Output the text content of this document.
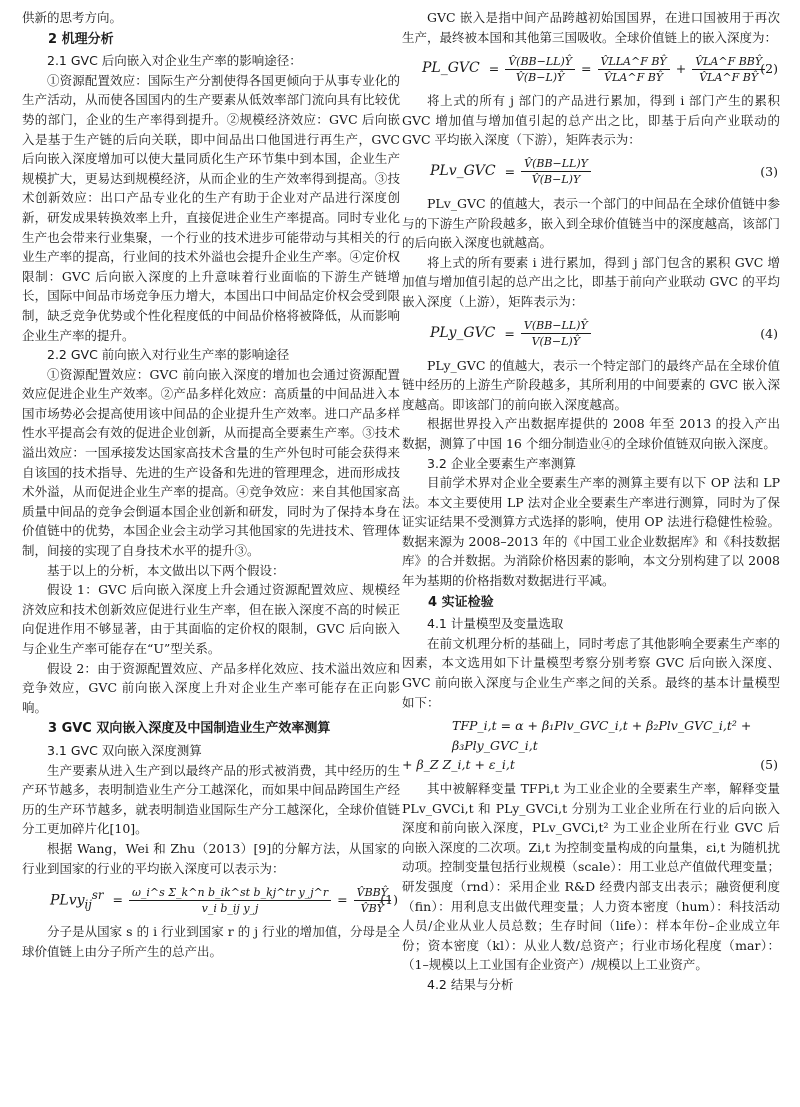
供新的思考方向。

2 机理分析
2.1 GVC 后向嵌入对企业生产率的影响途径：

①资源配置效应：国际生产分割使得各国更倾向于从事专业化的生产活动，从而使各国国内的生产要素从低效率部门流向具有比较优势的部门，企业的生产率得到提升。②规模经济效应：GVC 后向嵌入是基于生产链的后向关联，即中间品出口他国进行再生产，GVC 后向嵌入深度增加可以使大量同质化生产环节集中到本国，企业生产规模扩大，更易达到规模经济，从而企业的生产效率得到提高。③技术创新效应：出口产品专业化的生产有助于企业对产品进行深度创新，研发成果转换效率上升，直接促进企业生产率提高。同时专业化生产也会带来行业集聚，一个行业的技术进步可能带动与其相关的行业生产率的提高，行业间的技术外溢也会提升企业生产率。④定价权限制：GVC 后向嵌入深度的上升意味着行业面临的下游生产链增长，国际中间品市场竞争压力增大，本国出口中间品定价权会受到限制，缺乏竞争优势或个性化程度低的中间品价格将被降低，从而影响企业生产率的提升。

2.2 GVC 前向嵌入对行业生产率的影响途径

①资源配置效应：GVC 前向嵌入深度的增加也会通过资源配置效应促进企业生产效率。②产品多样化效应：高质量的中间品进入本国市场势必会提高使用该中间品的企业提升生产效率。进口产品多样性水平提高会有效的促进企业创新，从而提高全要素生产率。③技术溢出效应：一国承接发达国家高技术含量的生产外包时可能会获得来自该国的技术指导、先进的生产设备和先进的管理理念，进而形成技术外溢，从而促进企业生产率的提高。④竞争效应：来自其他国家高质量中间品的竞争会倒逼本国企业创新和研发，同时为了保持本身在价值链中的优势，本国企业会主动学习其他国家的先进技术、管理体制，间接的实现了自身技术水平的提升③。

基于以上的分析，本文做出以下两个假设：

假设 1：GVC 后向嵌入深度上升会通过资源配置效应、规模经济效应和技术创新效应促进行业生产率，但在嵌入深度不高的时候正向促进作用不够显著，由于其面临的定价权的限制，GVC 后向嵌入与企业生产率可能存在“U”型关系。

假设 2：由于资源配置效应、产品多样化效应、技术溢出效应和竞争效应，GVC 前向嵌入深度上升对企业生产率可能存在正向影响。

3 GVC 双向嵌入深度及中国制造业生产效率测算
3.1 GVC 双向嵌入深度测算

生产要素从进入生产到以最终产品的形式被消费，其中经历的生产环节越多，表明制造业生产分工越深化，而如果中间品跨国生产经历的生产环节越多，就表明制造业国际生产分工越深化，全球价值链分工更加碎片化[10]。

根据 Wang，Wei 和 Zhu（2013）[9]的分解方法，从国家的行业到国家的行业的平均嵌入深度可以表示为：

PLvy$_{ij}^{sr}$ = $\frac{\text{ω\_i\textasciicircum{}s Σ\_k\textasciicircum{}n b\_ik\textasciicircum{}st b\_kj\textasciicircum{}tr y\_j\textasciicircum{}r}}{\text{v\_i b\_ij y\_j}} = \frac{\text{V̂BBŶ}}{V̂BŶ}$
(1)

分子是从国家 s 的 i 行业到国家 r 的 j 行业的增加值，分母是全球价值链上由分子所产生的总产出。

GVC 嵌入是指中间产品跨越初始国国界，在进口国被用于再次生产，最终被本国和其他第三国吸收。全球价值链上的嵌入深度为：

PL_GVC = $\frac{V̂(BB-LL)Ŷ}{V̂(B-L)Ŷ} = \frac{\text{V̂LLA\textasciicircum{}F BŶ}}{\text{V̂LA\textasciicircum{}F BŶ}} + \frac{\text{V̂LA\textasciicircum{}F BBŶ}}{\text{V̂LA\textasciicircum{}F BŶ}}$
(2)

将上式的所有 j 部门的产品进行累加，得到 i 部门产生的累积 GVC 增加值与增加值引起的总产出之比，即基于后向产业联动的 GVC 平均嵌入深度（下游），矩阵表示为：

PLv_GVC = $\frac{V̂(BB-LL)Y}{V̂(B-L)Y}$	(3)

PLv_GVC 的值越大，表示一个部门的中间品在全球价值链中参与的下游生产阶段越多，嵌入到全球价值链当中的深度越高，该部门的后向嵌入深度也就越高。

将上式的所有要素 i 进行累加，得到 j 部门包含的累积 GVC 增加值与增加值引起的总产出之比，即基于前向产业联动 GVC 的平均嵌入深度（上游），矩阵表示为：

PLy_GVC = $\frac{V(BB-LL)Ŷ}{V(B-L)Ŷ}$	(4)

PLy_GVC 的值越大，表示一个特定部门的最终产品在全球价值链中经历的上游生产阶段越多，其所利用的中间要素的 GVC 嵌入深度越高。即该部门的前向嵌入深度越高。

根据世界投入产出数据库提供的 2008 年至 2013 的投入产出数据，测算了中国 16 个细分制造业④的全球价值链双向嵌入深度。

3.2 企业全要素生产率测算

目前学术界对企业全要素生产率的测算主要有以下 OP 法和 LP 法。本文主要使用 LP 法对企业全要素生产率进行测算，同时为了保证实证结果不受测算方式选择的影响，使用 OP 法进行稳健性检验。数据来源为 2008–2013 年的《中国工业企业数据库》和《科技数据库》的合并数据。为消除价格因素的影响，本文分别构建了以 2008 年为基期的价格指数对数据进行平减。

4 实证检验
4.1 计量模型及变量选取

在前文机理分析的基础上，同时考虑了其他影响全要素生产率的因素，本文选用如下计量模型考察分别考察 GVC 后向嵌入深度、GVC 前向嵌入深度与企业生产率之间的关系。最终的基本计量模型如下：

TFP_i,t = α + β₁Plv_GVC_i,t + β₂Plv_GVC_i,t² + β₃Ply_GVC_i,t
+ β_Z Z_i,t + ε_i,t	(5)

其中被解释变量 TFPi,t 为工业企业的全要素生产率，解释变量 PLv_GVCi,t 和 PLy_GVCi,t 分别为工业企业所在行业的后向嵌入深度和前向嵌入深度，PLv_GVCi,t² 为工业企业所在行业 GVC 后向嵌入深度的二次项。Zi,t 为控制变量构成的向量集，εi,t 为随机扰动项。控制变量包括行业规模（scale）：用工业总产值做代理变量；研发强度（rnd）：采用企业 R&D 经费内部支出表示；融资便利度（fin）：用利息支出做代理变量；人力资本密度（hum）：科技活动人员/企业从业人员总数；生存时间（life）：样本年份–企业成立年份；资本密度（kl）：从业人数/总资产；行业市场化程度（mar）：（1–规模以上工业国有企业资产）/规模以上工业资产。

4.2 结果与分析
